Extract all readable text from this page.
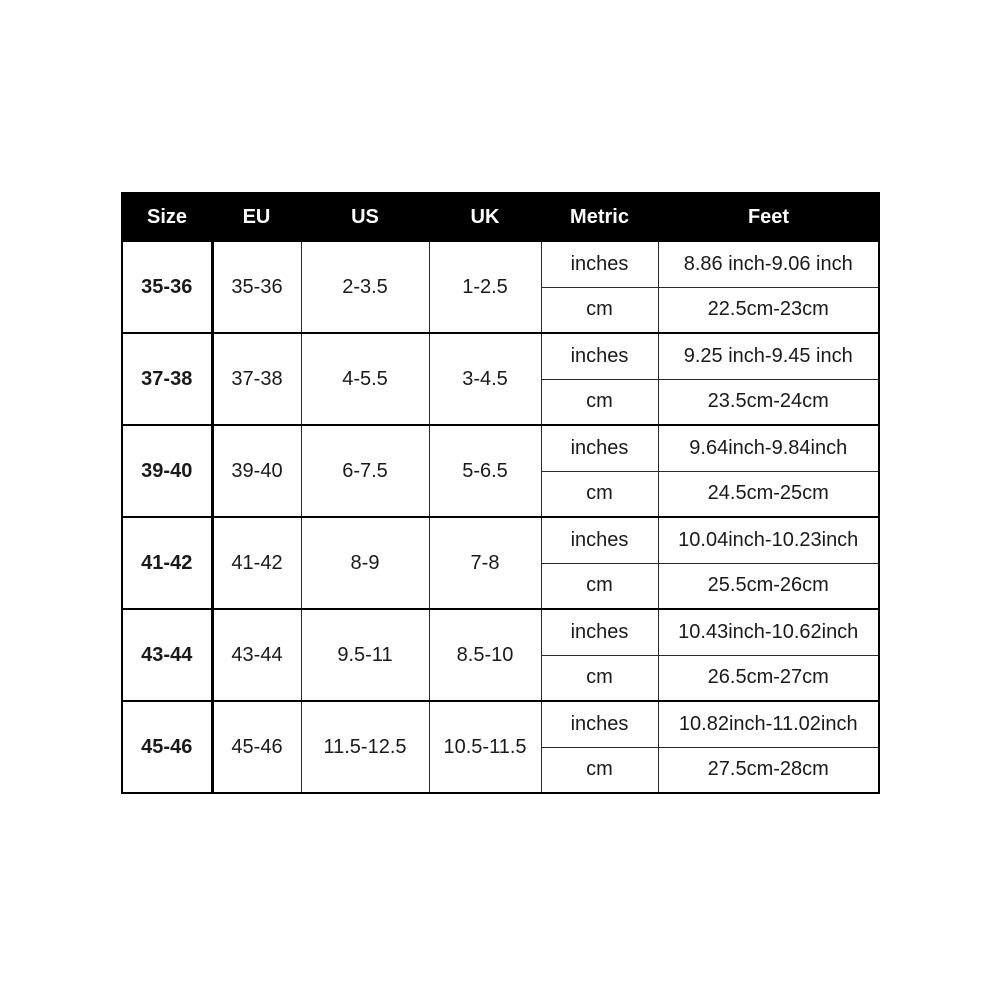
Size	EU	US	UK	Metric	Feet
35-36	35-36	2-3.5	1-2.5	inches	8.86 inch-9.06 inch
				cm	22.5cm-23cm
37-38	37-38	4-5.5	3-4.5	inches	9.25 inch-9.45 inch
				cm	23.5cm-24cm
39-40	39-40	6-7.5	5-6.5	inches	9.64inch-9.84inch
				cm	24.5cm-25cm
41-42	41-42	8-9	7-8	inches	10.04inch-10.23inch
				cm	25.5cm-26cm
43-44	43-44	9.5-11	8.5-10	inches	10.43inch-10.62inch
				cm	26.5cm-27cm
45-46	45-46	11.5-12.5	10.5-11.5	inches	10.82inch-11.02inch
				cm	27.5cm-28cm
